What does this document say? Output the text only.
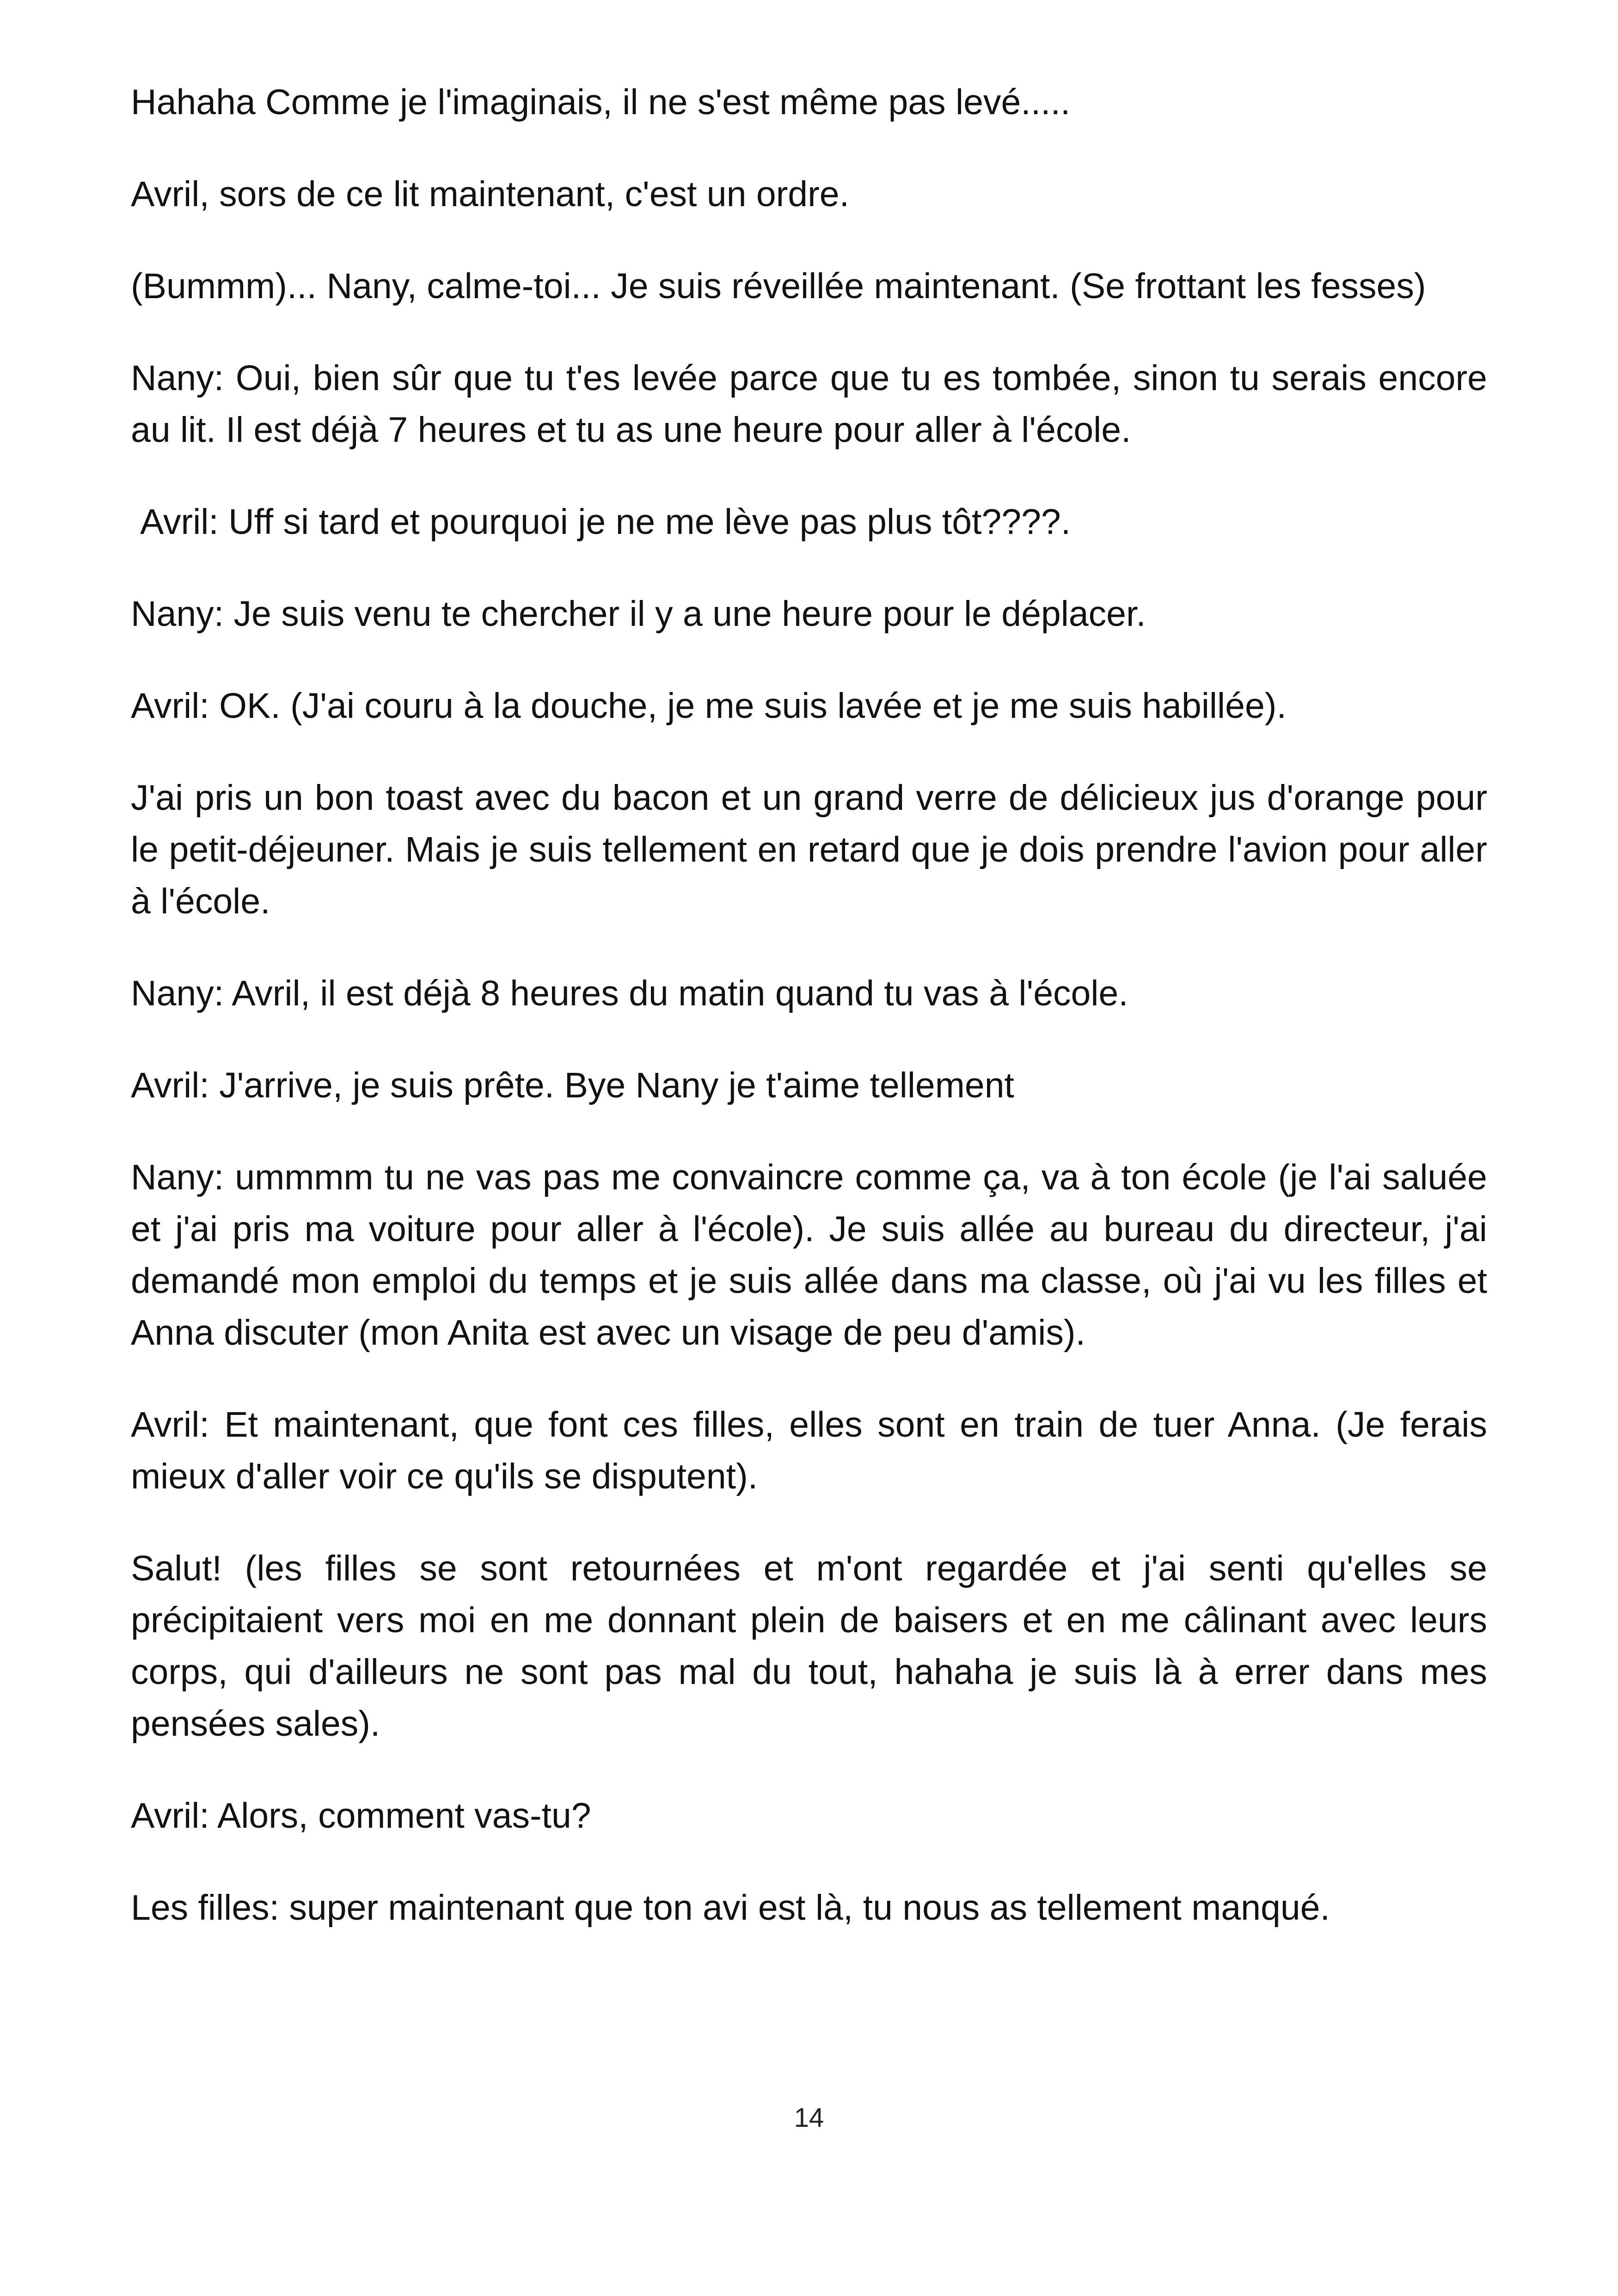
Hahaha Comme je l'imaginais, il ne s'est même pas levé.....

Avril, sors de ce lit maintenant, c'est un ordre.

(Bummm)... Nany, calme-toi... Je suis réveillée maintenant. (Se frottant les fesses)

Nany: Oui, bien sûr que tu t'es levée parce que tu es tombée, sinon tu serais encore au lit. Il est déjà 7 heures et tu as une heure pour aller à l'école.

Avril: Uff si tard et pourquoi je ne me lève pas plus tôt????.

Nany: Je suis venu te chercher il y a une heure pour le déplacer.

Avril: OK. (J'ai couru à la douche, je me suis lavée et je me suis habillée).

J'ai pris un bon toast avec du bacon et un grand verre de délicieux jus d'orange pour le petit-déjeuner. Mais je suis tellement en retard que je dois prendre l'avion pour aller à l'école.

Nany: Avril, il est déjà 8 heures du matin quand tu vas à l'école.

Avril: J'arrive, je suis prête. Bye Nany je t'aime tellement

Nany: ummmm tu ne vas pas me convaincre comme ça, va à ton école (je l'ai saluée et j'ai pris ma voiture pour aller à l'école). Je suis allée au bureau du directeur, j'ai demandé mon emploi du temps et je suis allée dans ma classe, où j'ai vu les filles et Anna discuter (mon Anita est avec un visage de peu d'amis).

Avril: Et maintenant, que font ces filles, elles sont en train de tuer Anna. (Je ferais mieux d'aller voir ce qu'ils se disputent).

Salut! (les filles se sont retournées et m'ont regardée et j'ai senti qu'elles se précipitaient vers moi en me donnant plein de baisers et en me câlinant avec leurs corps, qui d'ailleurs ne sont pas mal du tout, hahaha je suis là à errer dans mes pensées sales).

Avril: Alors, comment vas-tu?

Les filles: super maintenant que ton avi est là, tu nous as tellement manqué.

14
